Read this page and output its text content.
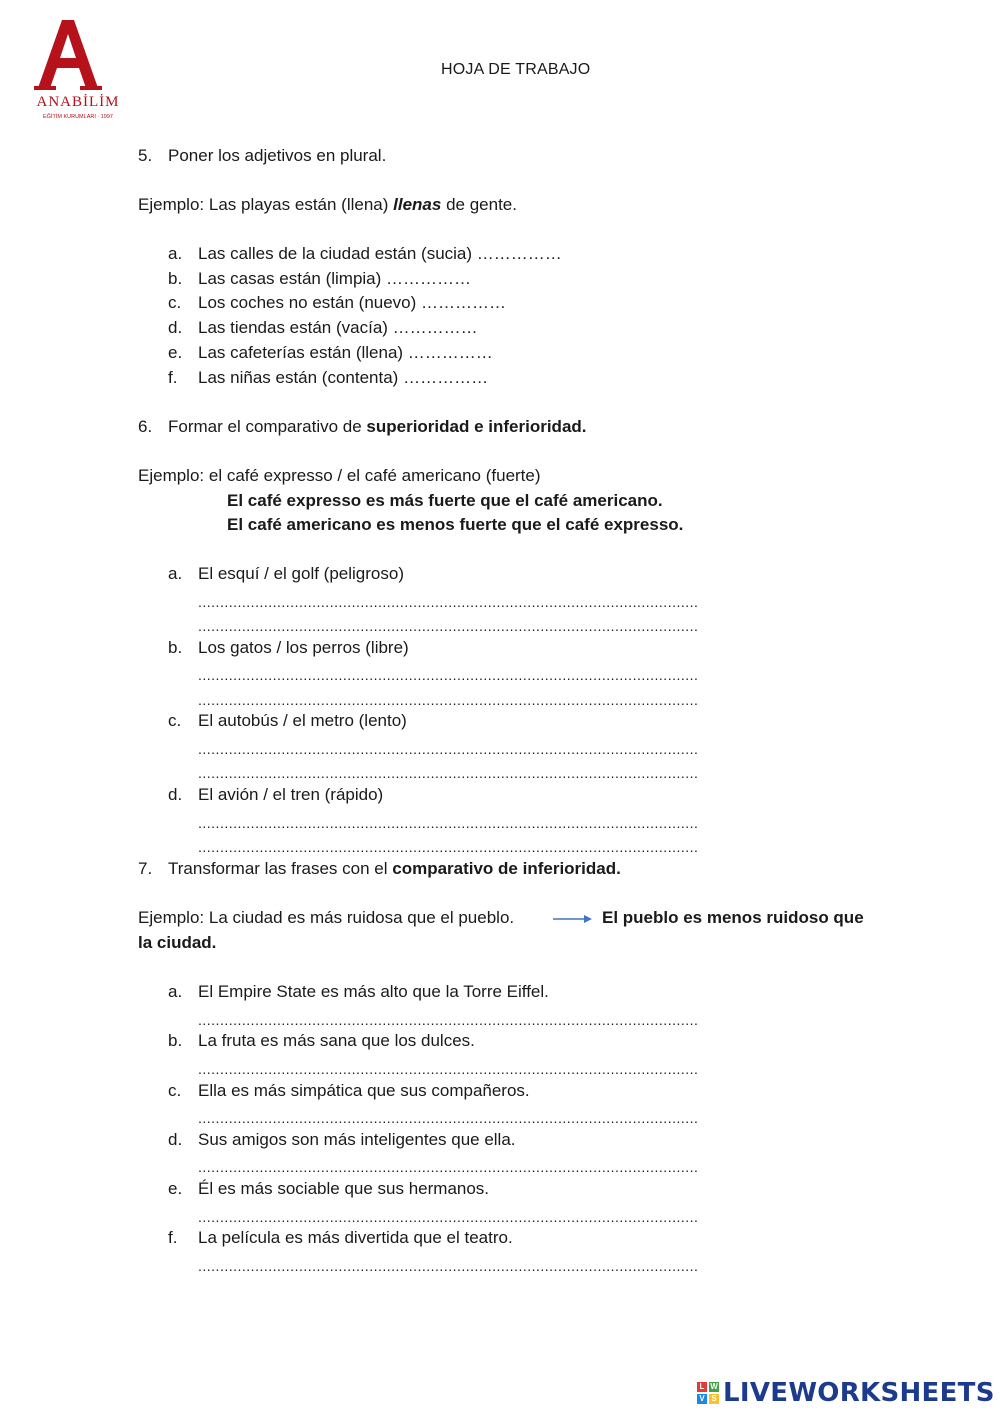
ANABİLİM
EĞİTİM KURUMLARI · 1997
HOJA DE TRABAJO
5. Poner los adjetivos en plural.
Ejemplo: Las playas están (llena) llenas de gente.
a. Las calles de la ciudad están (sucia) ……………
b. Las casas están (limpia) ……………
c. Los coches no están (nuevo) ……………
d. Las tiendas están (vacía) ……………
e. Las cafeterías están (llena) ……………
f.	Las niñas están (contenta) ……………
6. Formar el comparativo de superioridad e inferioridad.
Ejemplo: el café expresso / el café americano (fuerte)
El café expresso es más fuerte que el café americano.
El café americano es menos fuerte que el café expresso.
a. El esquí / el golf (peligroso)
.....
.....
b. Los gatos / los perros (libre)
.....
.....
c. El autobús / el metro (lento)
.....
.....
d. El avión / el tren (rápido)
.....
.....
7. Transformar las frases con el comparativo de inferioridad.
Ejemplo: La ciudad es más ruidosa que el pueblo.	El pueblo es menos ruidoso que
la ciudad.
a. El Empire State es más alto que la Torre Eiffel.
.....
b. La fruta es más sana que los dulces.
.....
c. Ella es más simpática que sus compañeros.
.....
d. Sus amigos son más inteligentes que ella.
.....
e. Él es más sociable que sus hermanos.
.....
f.	La película es más divertida que el teatro.
.....
L W
V S LIVEWORKSHEETS
